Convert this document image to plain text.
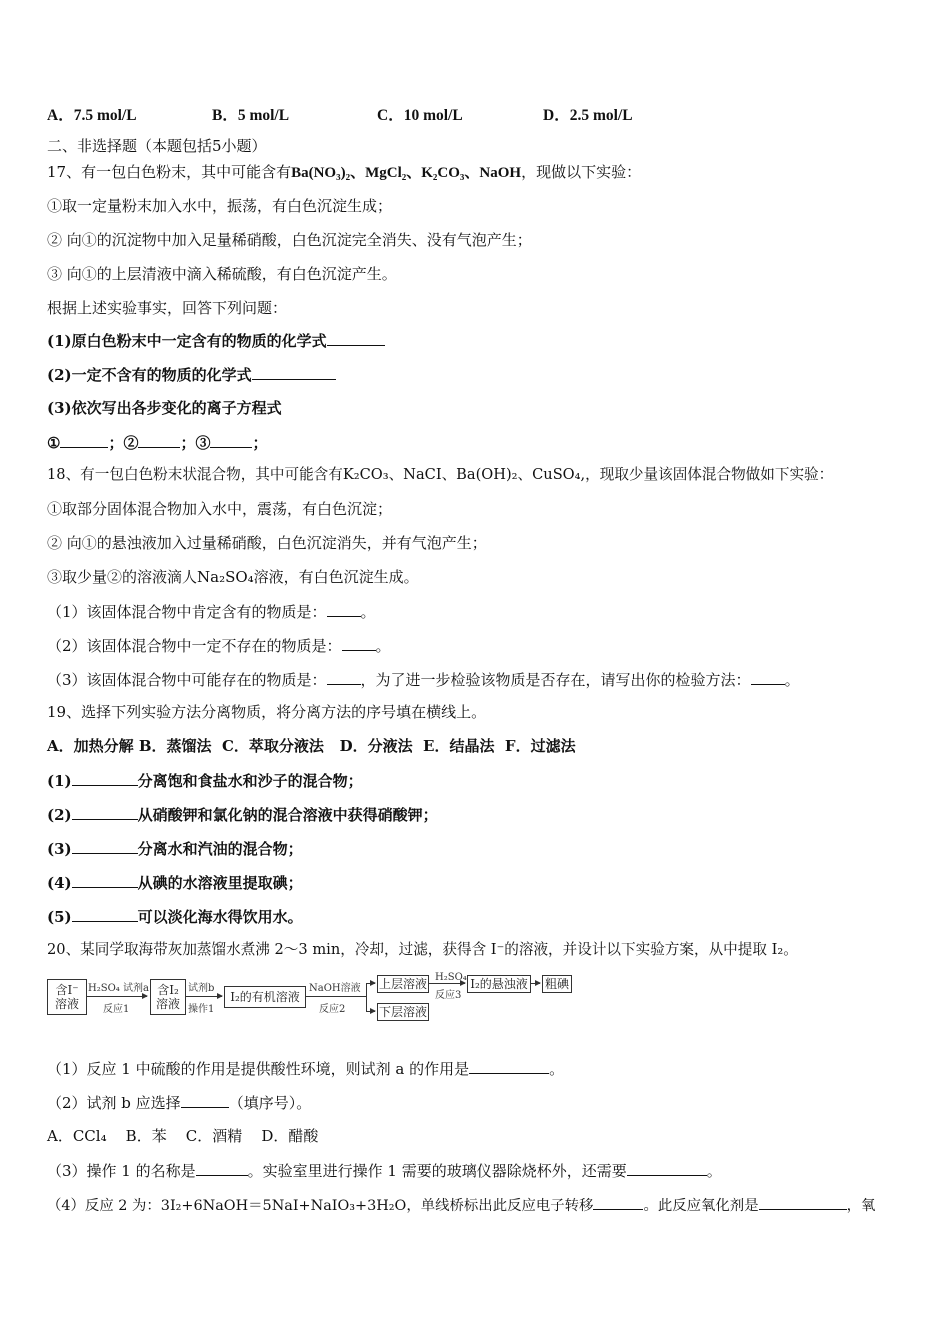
A．7.5 mol/L	B．5 mol/L	C．10 mol/L	D．2.5 mol/L
二、非选择题（本题包括5小题）
17、有一包白色粉末，其中可能含有Ba(NO₃)₂、MgCl₂、K₂CO₃、NaOH，现做以下实验：
①取一定量粉末加入水中，振荡，有白色沉淀生成；
② 向①的沉淀物中加入足量稀硝酸，白色沉淀完全消失、没有气泡产生；
③ 向①的上层清液中滴入稀硫酸，有白色沉淀产生。
根据上述实验事实，回答下列问题：
(1)原白色粉末中一定含有的物质的化学式
(2)一定不含有的物质的化学式
(3)依次写出各步变化的离子方程式
①	；②	；③	；
18、有一包白色粉末状混合物，其中可能含有K₂CO₃、NaCI、Ba(OH)₂、CuSO₄,，现取少量该固体混合物做如下实验：
①取部分固体混合物加入水中，震荡，有白色沉淀；
② 向①的悬浊液加入过量稀硝酸，白色沉淀消失，并有气泡产生；
③取少量②的溶液滴人Na₂SO₄溶液，有白色沉淀生成。
（1）该固体混合物中肯定含有的物质是： 。
（2）该固体混合物中一定不存在的物质是： 。
（3）该固体混合物中可能存在的物质是： ，为了进一步检验该物质是否存在，请写出你的检验方法： 。
19、选择下列实验方法分离物质，将分离方法的序号填在横线上。
A．加热分解 B．蒸馏法  C．萃取分液法   D．分液法  E．结晶法  F．过滤法
(1)	分离饱和食盐水和沙子的混合物；
(2)	从硝酸钾和氯化钠的混合溶液中获得硝酸钾；
(3)	分离水和汽油的混合物；
(4)	从碘的水溶液里提取碘；
(5)	可以淡化海水得饮用水。
20、某同学取海带灰加蒸馏水煮沸 2～3 min，冷却，过滤，获得含 I⁻的溶液，并设计以下实验方案，从中提取 I₂。
含I⁻
溶液
H₂SO₄ 试剂a
反应1
含I₂
溶液
试剂b
操作1
I₂的有机溶液
NaOH溶液
反应2
上层溶液
下层溶液
H₂SO₄
反应3
I₂的悬浊液 粗碘
（1）反应 1 中硫酸的作用是提供酸性环境，则试剂 a 的作用是	。
（2）试剂 b 应选择	（填序号）。
A．CCl₄    B．苯    C．酒精    D．醋酸
（3）操作 1 的名称是	。实验室里进行操作 1 需要的玻璃仪器除烧杯外，还需要	。
（4）反应 2 为：3I₂+6NaOH＝5NaI+NaIO₃+3H₂O，单线桥标出此反应电子转移	。此反应氧化剂是	，氧
